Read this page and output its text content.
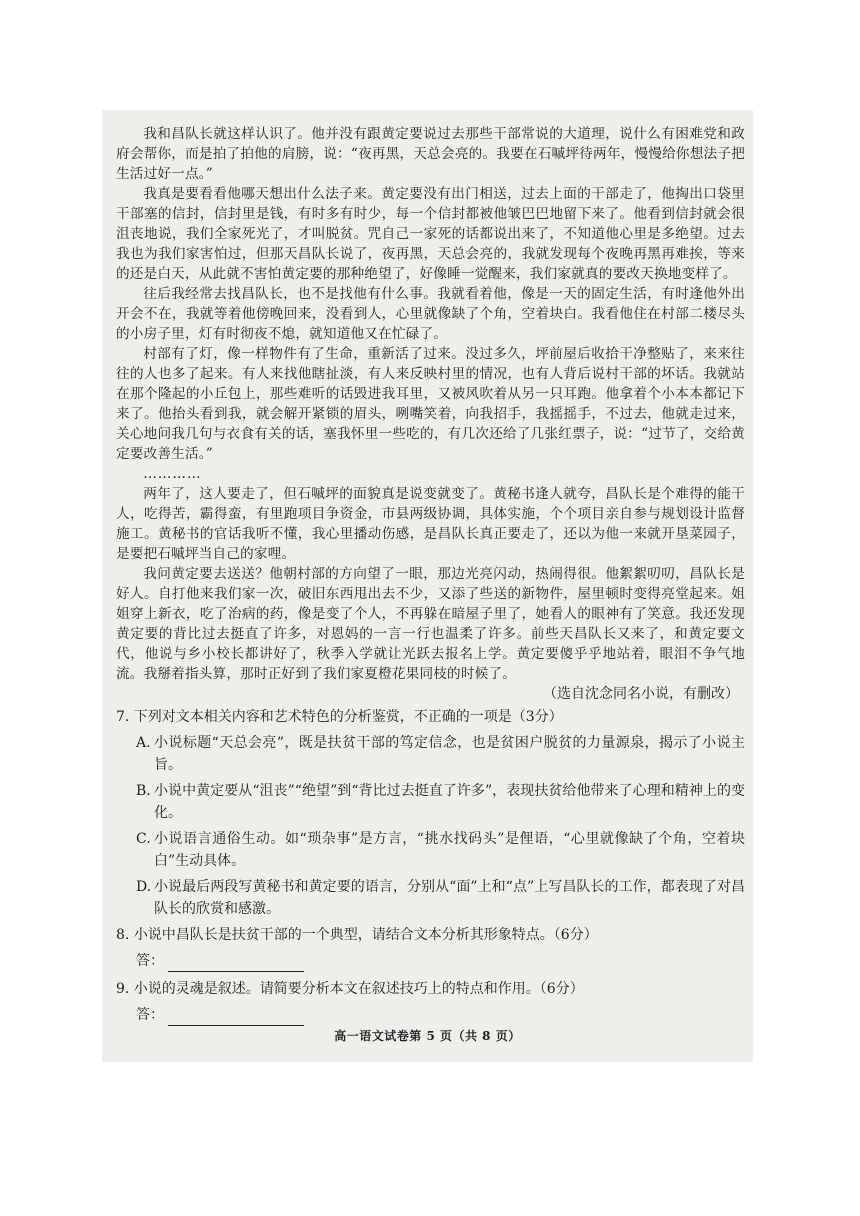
我和昌队长就这样认识了。他并没有跟黄定要说过去那些干部常说的大道理，说什么有困难党和政府会帮你，而是拍了拍他的肩膀，说：“夜再黑，天总会亮的。我要在石嘁坪待两年，慢慢给你想法子把生活过好一点。”

我真是要看看他哪天想出什么法子来。黄定要没有出门相送，过去上面的干部走了，他掏出口袋里干部塞的信封，信封里是钱，有时多有时少，每一个信封都被他皱巴巴地留下来了。他看到信封就会很沮丧地说，我们全家死光了，才叫脱贫。咒自己一家死的话都说出来了，不知道他心里是多绝望。过去我也为我们家害怕过，但那天昌队长说了，夜再黑，天总会亮的，我就发现每个夜晚再黑再难挨，等来的还是白天，从此就不害怕黄定要的那种绝望了，好像睡一觉醒来，我们家就真的要改天换地变样了。

往后我经常去找昌队长，也不是找他有什么事。我就看着他，像是一天的固定生活，有时逢他外出开会不在，我就等着他傍晚回来，没看到人，心里就像缺了个角，空着块白。我看他住在村部二楼尽头的小房子里，灯有时彻夜不熄，就知道他又在忙碌了。

村部有了灯，像一样物件有了生命，重新活了过来。没过多久，坪前屋后收拾干净整贴了，来来往往的人也多了起来。有人来找他瞎扯淡，有人来反映村里的情况，也有人背后说村干部的坏话。我就站在那个隆起的小丘包上，那些难听的话毁进我耳里，又被风吹着从另一只耳跑。他拿着个小本本都记下来了。他抬头看到我，就会解开紧锁的眉头，咧嘴笑着，向我招手，我摇摇手，不过去，他就走过来，关心地问我几句与衣食有关的话，塞我怀里一些吃的，有几次还给了几张红票子，说：“过节了，交给黄定要改善生活。”

…………

两年了，这人要走了，但石嘁坪的面貌真是说变就变了。黄秘书逢人就夸，昌队长是个难得的能干人，吃得苦，霸得蛮，有里跑项目争资金，市县两级协调，具体实施，个个项目亲自参与规划设计监督施工。黄秘书的官话我听不懂，我心里播动伤感，是昌队长真正要走了，还以为他一来就开垦菜园子，是要把石嘁坪当自己的家哩。

我问黄定要去送送？他朝村部的方向望了一眼，那边光亮闪动，热闹得很。他絮絮叨叨，昌队长是好人。自打他来我们家一次，破旧东西甩出去不少，又添了些送的新物件，屋里顿时变得亮堂起来。姐姐穿上新衣，吃了治病的药，像是变了个人，不再躲在暗屋子里了，她看人的眼神有了笑意。我还发现黄定要的背比过去挺直了许多，对恩妈的一言一行也温柔了许多。前些天昌队长又来了，和黄定要文代，他说与乡小校长都讲好了，秋季入学就让光跃去报名上学。黄定要傻乎乎地站着，眼泪不争气地流。我掰着指头算，那时正好到了我们家夏橙花果同枝的时候了。

（选自沈念同名小说，有删改）

7. 下列对文本相关内容和艺术特色的分析鉴赏，不正确的一项是（3分）

A. 小说标题“天总会亮”，既是扶贫干部的笃定信念，也是贫困户脱贫的力量源泉，揭示了小说主旨。
B. 小说中黄定要从“沮丧”“绝望”到“背比过去挺直了许多”，表现扶贫给他带来了心理和精神上的变化。
C. 小说语言通俗生动。如“琐杂事”是方言，“挑水找码头”是俚语，“心里就像缺了个角，空着块白”生动具体。
D. 小说最后两段写黄秘书和黄定要的语言，分别从“面”上和“点”上写昌队长的工作，都表现了对昌队长的欣赏和感激。

8. 小说中昌队长是扶贫干部的一个典型，请结合文本分析其形象特点。（6分）

答：

9. 小说的灵魂是叙述。请简要分析本文在叙述技巧上的特点和作用。（6分）

答：
高一语文试卷第 5 页（共 8 页）
